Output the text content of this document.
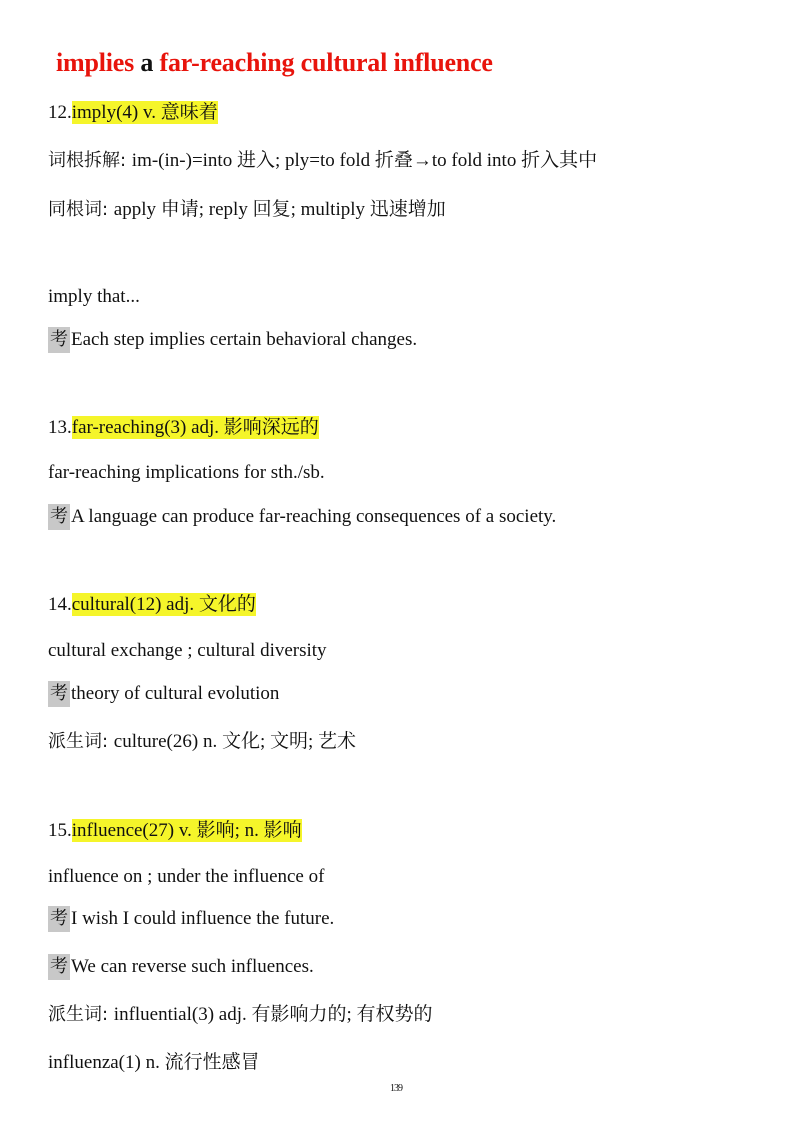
implies a far-reaching cultural influence
12.imply(4) v. 意味着
词根拆解: im-(in-)=into 进入; ply=to fold 折叠→to fold into 折入其中
同根词: apply 申请; reply 回复; multiply 迅速增加
imply that...
考 Each step implies certain behavioral changes.
13.far-reaching(3) adj. 影响深远的
far-reaching implications for sth./sb.
考 A language can produce far-reaching consequences of a society.
14.cultural(12) adj. 文化的
cultural exchange ; cultural diversity
考 theory of cultural evolution
派生词: culture(26) n. 文化; 文明; 艺术
15.influence(27) v. 影响; n. 影响
influence on ; under the influence of
考 I wish I could influence the future.
考 We can reverse such influences.
派生词: influential(3) adj. 有影响力的; 有权势的
influenza(1) n. 流行性感冒
139
